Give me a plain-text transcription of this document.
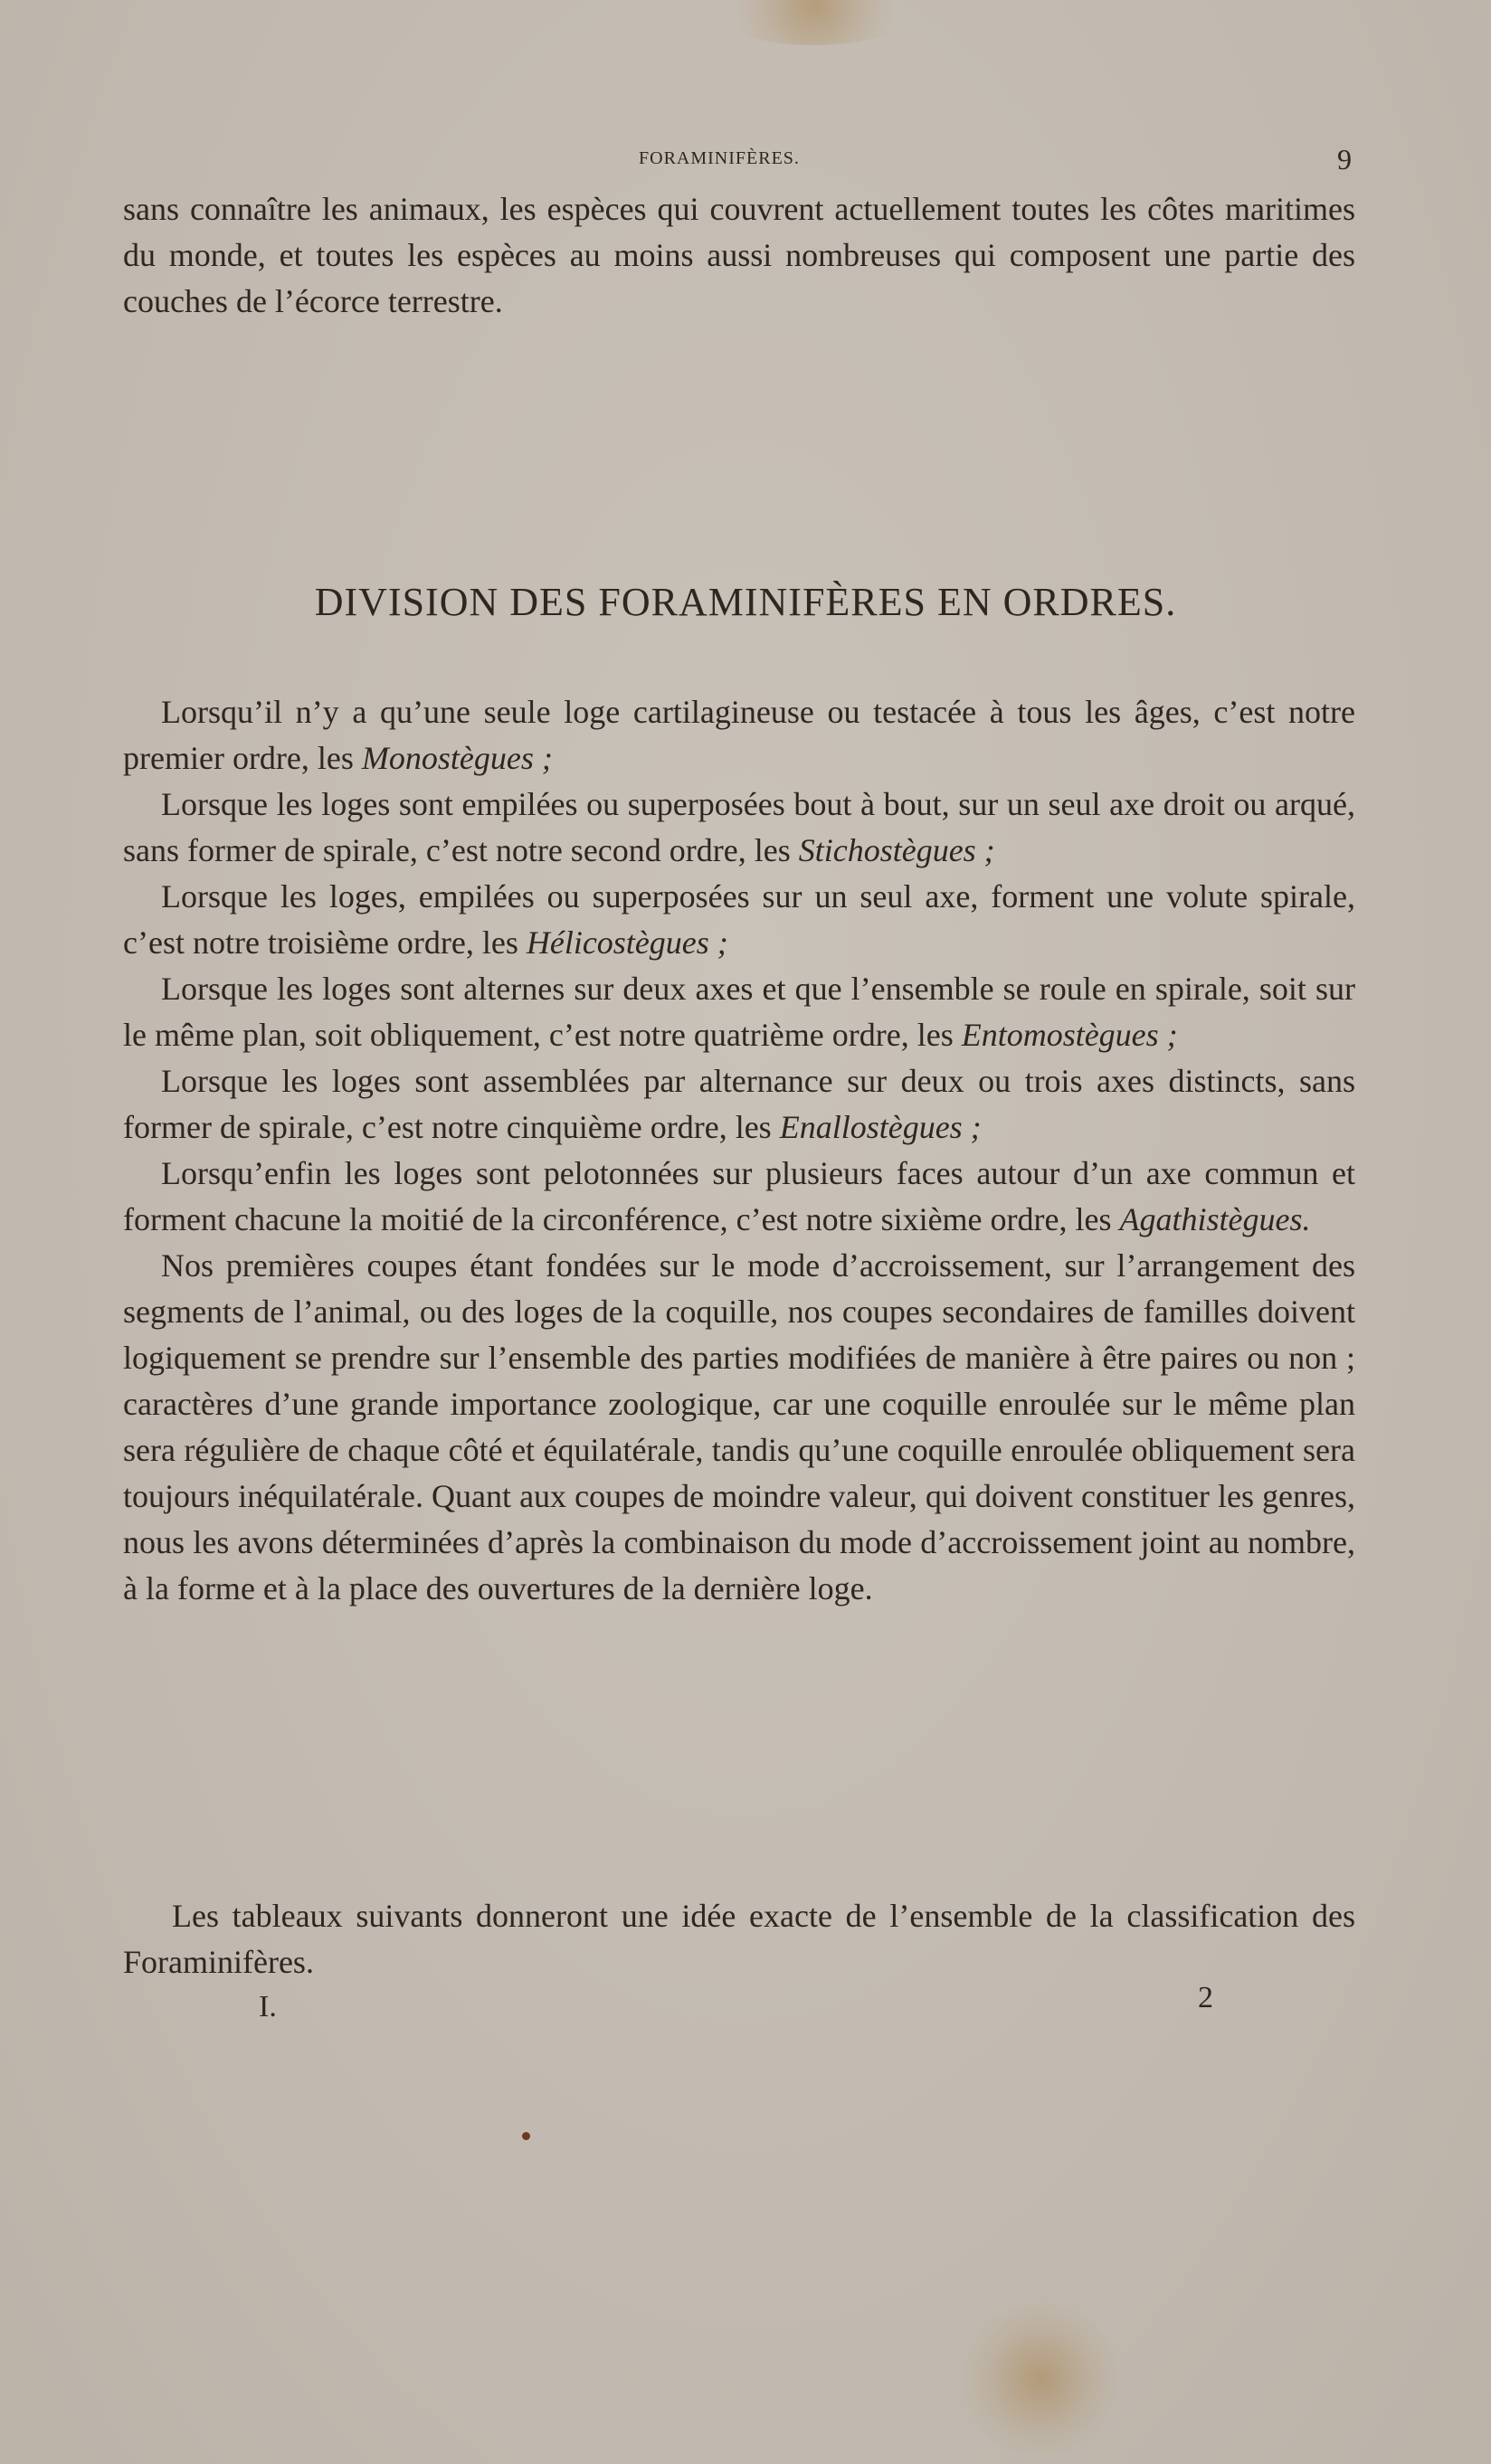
FORAMINIFÈRES.	9

sans connaître les animaux, les espèces qui couvrent actuellement toutes les côtes maritimes du monde, et toutes les espèces au moins aussi nombreuses qui composent une partie des couches de l’écorce terrestre.

DIVISION DES FORAMINIFÈRES EN ORDRES.

Lorsqu’il n’y a qu’une seule loge cartilagineuse ou testacée à tous les âges, c’est notre premier ordre, les Monostègues ;

Lorsque les loges sont empilées ou superposées bout à bout, sur un seul axe droit ou arqué, sans former de spirale, c’est notre second ordre, les Stichostègues ;

Lorsque les loges, empilées ou superposées sur un seul axe, forment une volute spirale, c’est notre troisième ordre, les Hélicostègues ;

Lorsque les loges sont alternes sur deux axes et que l’ensemble se roule en spirale, soit sur le même plan, soit obliquement, c’est notre quatrième ordre, les Entomostègues ;

Lorsque les loges sont assemblées par alternance sur deux ou trois axes distincts, sans former de spirale, c’est notre cinquième ordre, les Enallostègues ;

Lorsqu’enfin les loges sont pelotonnées sur plusieurs faces autour d’un axe commun et forment chacune la moitié de la circonférence, c’est notre sixième ordre, les Agathistègues.

Nos premières coupes étant fondées sur le mode d’accroissement, sur l’arrangement des segments de l’animal, ou des loges de la coquille, nos coupes secondaires de familles doivent logiquement se prendre sur l’ensemble des parties modifiées de manière à être paires ou non ; caractères d’une grande importance zoologique, car une coquille enroulée sur le même plan sera régulière de chaque côté et équilatérale, tandis qu’une coquille enroulée obliquement sera toujours inéquilatérale. Quant aux coupes de moindre valeur, qui doivent constituer les genres, nous les avons déterminées d’après la combinaison du mode d’accroissement joint au nombre, à la forme et à la place des ouvertures de la dernière loge.

Les tableaux suivants donneront une idée exacte de l’ensemble de la classification des Foraminifères.

I.	2
